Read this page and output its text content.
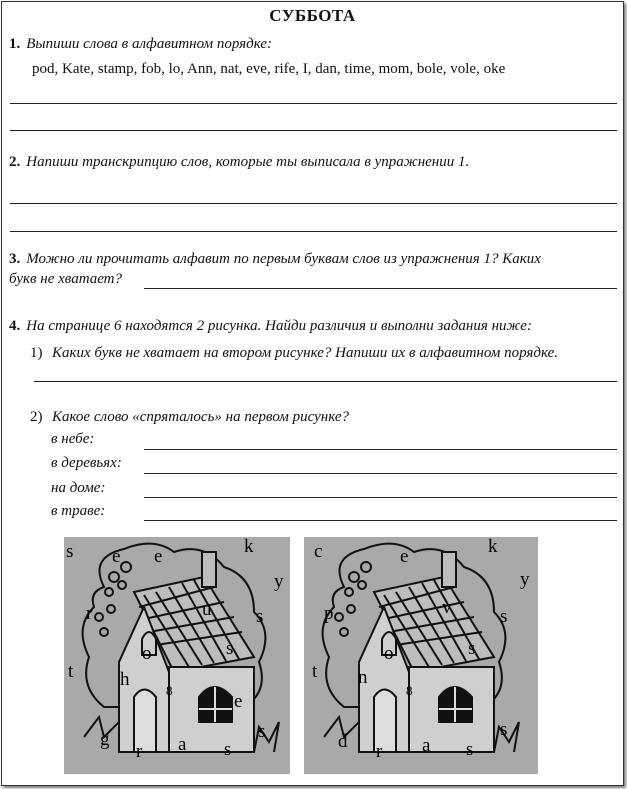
СУББОТА
1. Выпиши слова в алфавитном порядке:
pod, Kate, stamp, fob, lo, Ann, nat, eve, rife, I, dan, time, mom, bole, vole, oke
2. Напиши транскрипцию слов, которые ты выписала в упражнении 1.
3. Можно ли прочитать алфавит по первым буквам слов из упражнения 1? Каких
букв не хватает?
4. На странице 6 находятся 2 рисунка. Найди различия и выполни задания ниже:
1) Каких букв не хватает на втором рисунке? Напиши их в алфавитном порядке.
2) Какое слово «спряталось» на первом рисунке?
в небе:
в деревьях:
на доме:
в траве:
s e e	k
y
r	u s
s
o
t h
8
e
s
g
r a s
c	e	k
y
p	v	s
s
o
t n
8
s
d r a s
